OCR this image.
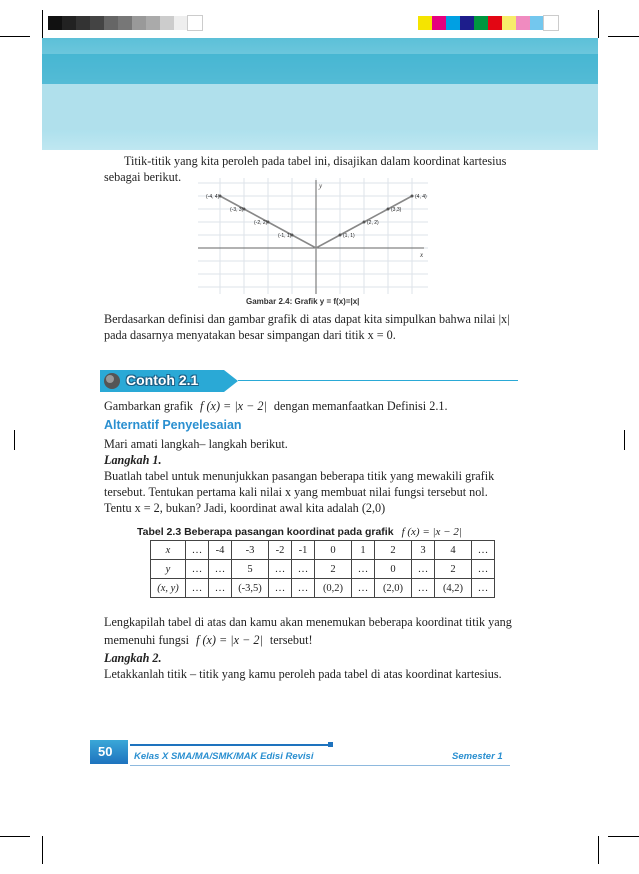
Titik-titik yang kita peroleh pada tabel ini, disajikan dalam koordinat kartesius
sebagai berikut.
y
x
(-4, 4)
(-3, 3)
(-2, 2)
(-1, 1)	(1, 1)
(2, 2)
(3,3)
(4, 4)
Gambar 2.4: Grafik y = f(x)=|x|
Berdasarkan definisi dan gambar grafik di atas dapat kita simpulkan bahwa nilai |x|
pada dasarnya menyatakan besar simpangan dari titik x = 0.
Contoh 2.1
Gambarkan grafik f (x) = |x − 2| dengan memanfaatkan Definisi 2.1.
Alternatif Penyelesaian
Mari amati langkah– langkah berikut.
Langkah 1.
Buatlah tabel untuk menunjukkan pasangan beberapa titik yang mewakili grafik
tersebut. Tentukan pertama kali nilai x yang membuat nilai fungsi tersebut nol.
Tentu x = 2, bukan? Jadi, koordinat awal kita adalah (2,0)
Tabel 2.3 Beberapa pasangan koordinat pada grafik f (x) = |x − 2|
x	…	-4	-3	-2	-1	0	1	2	3	4	…
y	…	…	5	…	…	2	…	0	…	2	…
(x, y)	…	…	(-3,5)	…	…	(0,2)	…	(2,0)	…	(4,2)	…
Lengkapilah tabel di atas dan kamu akan menemukan beberapa koordinat titik yang
memenuhi fungsi f (x) = |x − 2| tersebut!
Langkah 2.
Letakkanlah titik – titik yang kamu peroleh pada tabel di atas koordinat kartesius.
50 Kelas X SMA/MA/SMK/MAK Edisi Revisi	Semester 1
